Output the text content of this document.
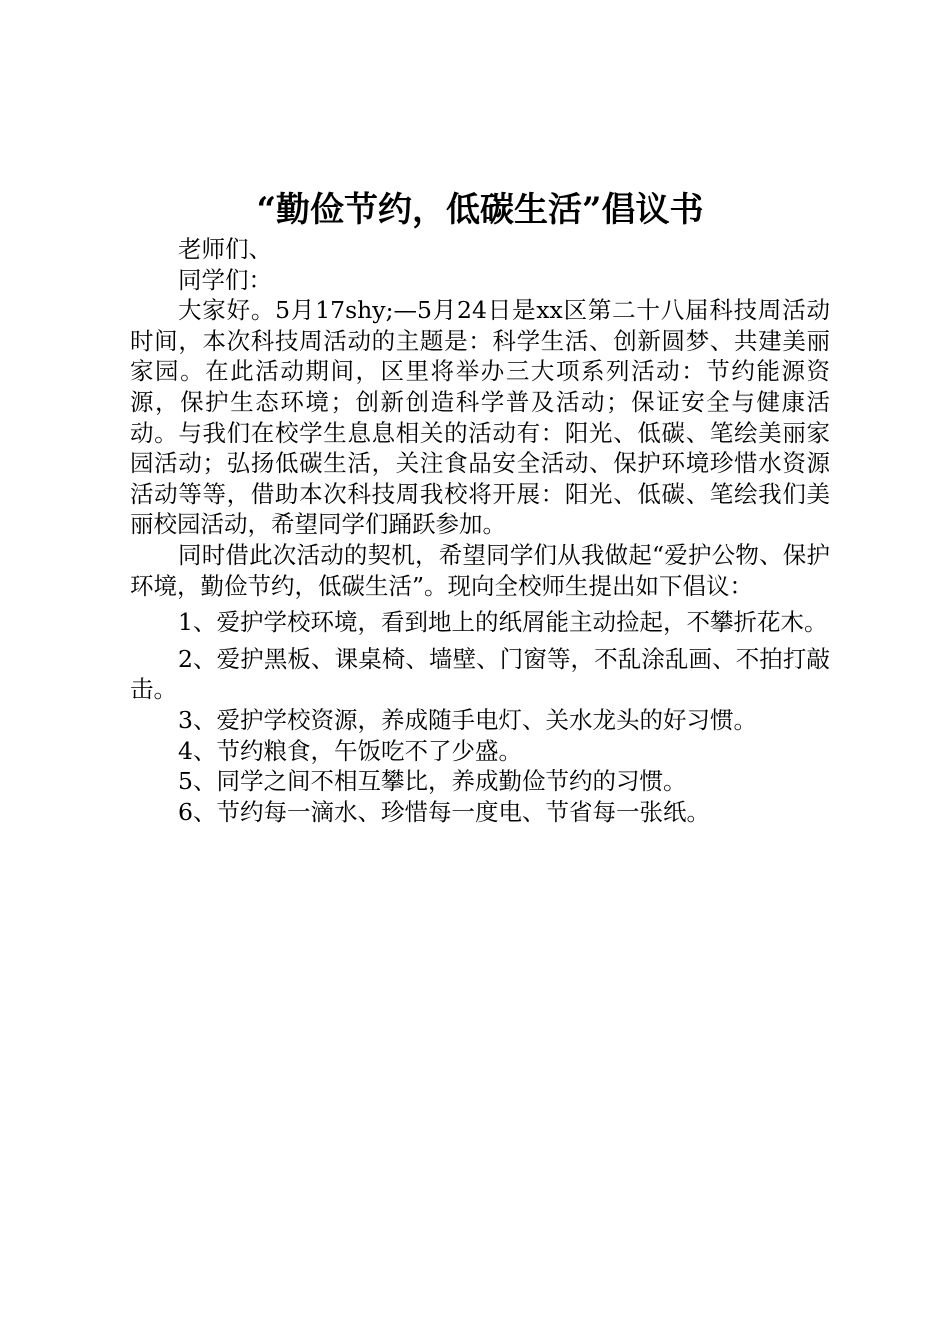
“勤俭节约，低碳生活”倡议书

老师们、

同学们：

大家好。5月17shy;—5月24日是xx区第二十八届科技周活动时间，本次科技周活动的主题是：科学生活、创新圆梦、共建美丽家园。在此活动期间，区里将举办三大项系列活动：节约能源资源，保护生态环境；创新创造科学普及活动；保证安全与健康活动。与我们在校学生息息相关的活动有：阳光、低碳、笔绘美丽家园活动；弘扬低碳生活，关注食品安全活动、保护环境珍惜水资源活动等等，借助本次科技周我校将开展：阳光、低碳、笔绘我们美丽校园活动，希望同学们踊跃参加。

同时借此次活动的契机，希望同学们从我做起“爱护公物、保护环境，勤俭节约，低碳生活”。现向全校师生提出如下倡议：

1、爱护学校环境，看到地上的纸屑能主动捡起，不攀折花木。

2、爱护黑板、课桌椅、墙壁、门窗等，不乱涂乱画、不拍打敲击。

3、爱护学校资源，养成随手电灯、关水龙头的好习惯。

4、节约粮食，午饭吃不了少盛。

5、同学之间不相互攀比，养成勤俭节约的习惯。

6、节约每一滴水、珍惜每一度电、节省每一张纸。
